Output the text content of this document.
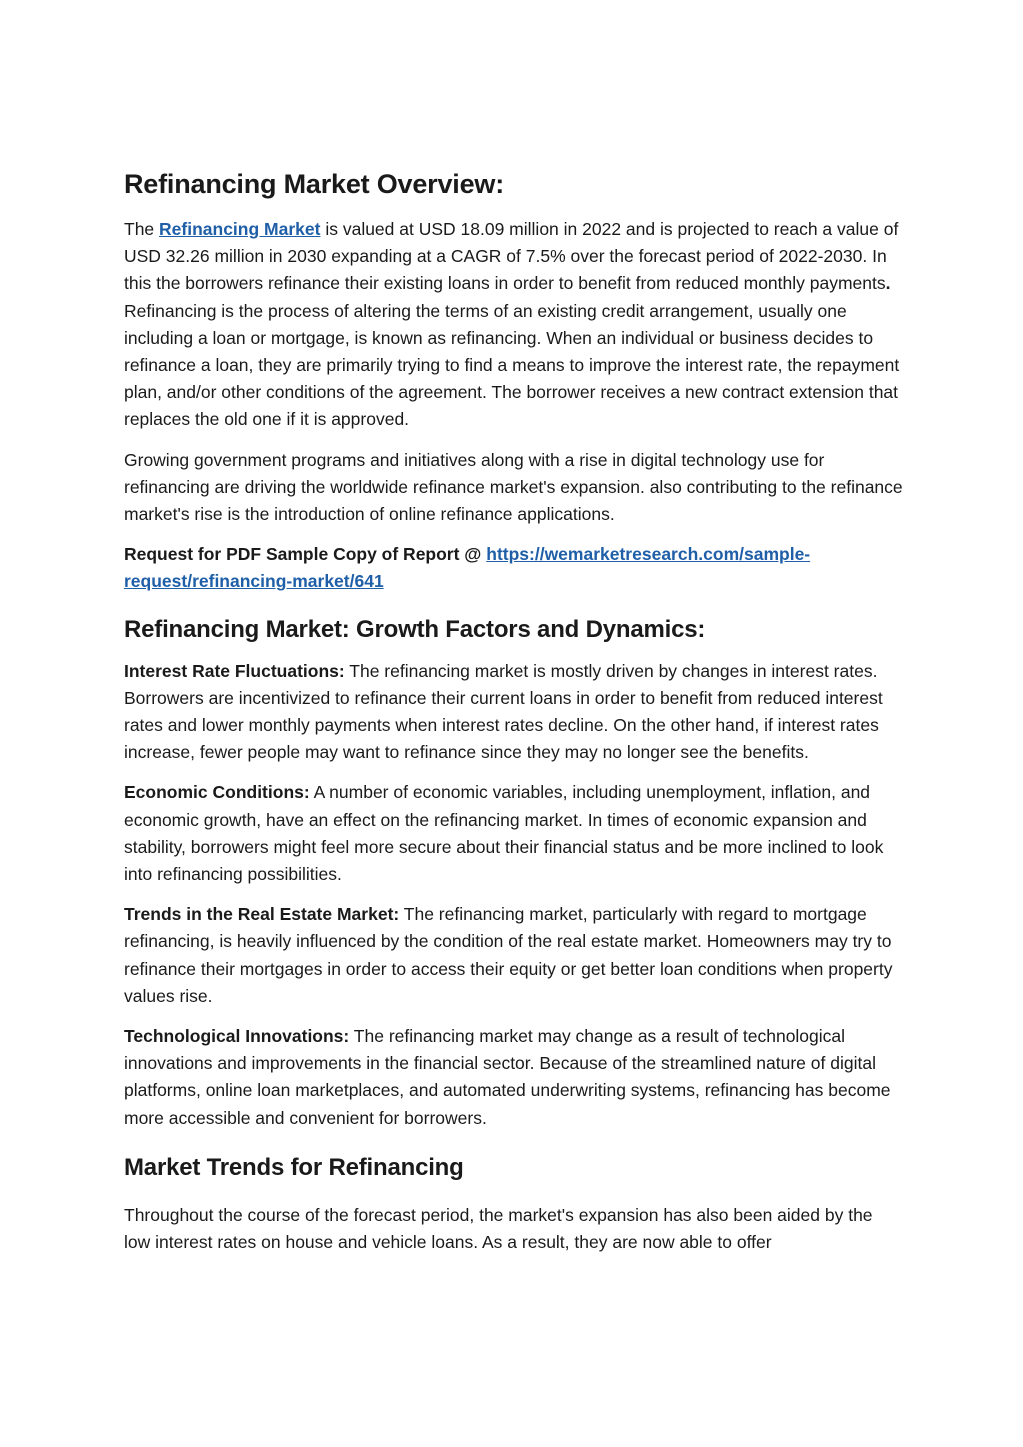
Refinancing Market Overview:

The Refinancing Market is valued at USD 18.09 million in 2022 and is projected to reach a value of USD 32.26 million in 2030 expanding at a CAGR of 7.5% over the forecast period of 2022-2030. In this the borrowers refinance their existing loans in order to benefit from reduced monthly payments. Refinancing is the process of altering the terms of an existing credit arrangement, usually one including a loan or mortgage, is known as refinancing. When an individual or business decides to refinance a loan, they are primarily trying to find a means to improve the interest rate, the repayment plan, and/or other conditions of the agreement. The borrower receives a new contract extension that replaces the old one if it is approved.

Growing government programs and initiatives along with a rise in digital technology use for refinancing are driving the worldwide refinance market's expansion. also contributing to the refinance market's rise is the introduction of online refinance applications.

Request for PDF Sample Copy of Report @ https://wemarketresearch.com/sample-request/refinancing-market/641

Refinancing Market: Growth Factors and Dynamics:

Interest Rate Fluctuations: The refinancing market is mostly driven by changes in interest rates. Borrowers are incentivized to refinance their current loans in order to benefit from reduced interest rates and lower monthly payments when interest rates decline. On the other hand, if interest rates increase, fewer people may want to refinance since they may no longer see the benefits.

Economic Conditions: A number of economic variables, including unemployment, inflation, and economic growth, have an effect on the refinancing market. In times of economic expansion and stability, borrowers might feel more secure about their financial status and be more inclined to look into refinancing possibilities.

Trends in the Real Estate Market: The refinancing market, particularly with regard to mortgage refinancing, is heavily influenced by the condition of the real estate market. Homeowners may try to refinance their mortgages in order to access their equity or get better loan conditions when property values rise.

Technological Innovations: The refinancing market may change as a result of technological innovations and improvements in the financial sector. Because of the streamlined nature of digital platforms, online loan marketplaces, and automated underwriting systems, refinancing has become more accessible and convenient for borrowers.

Market Trends for Refinancing

Throughout the course of the forecast period, the market's expansion has also been aided by the low interest rates on house and vehicle loans. As a result, they are now able to offer
